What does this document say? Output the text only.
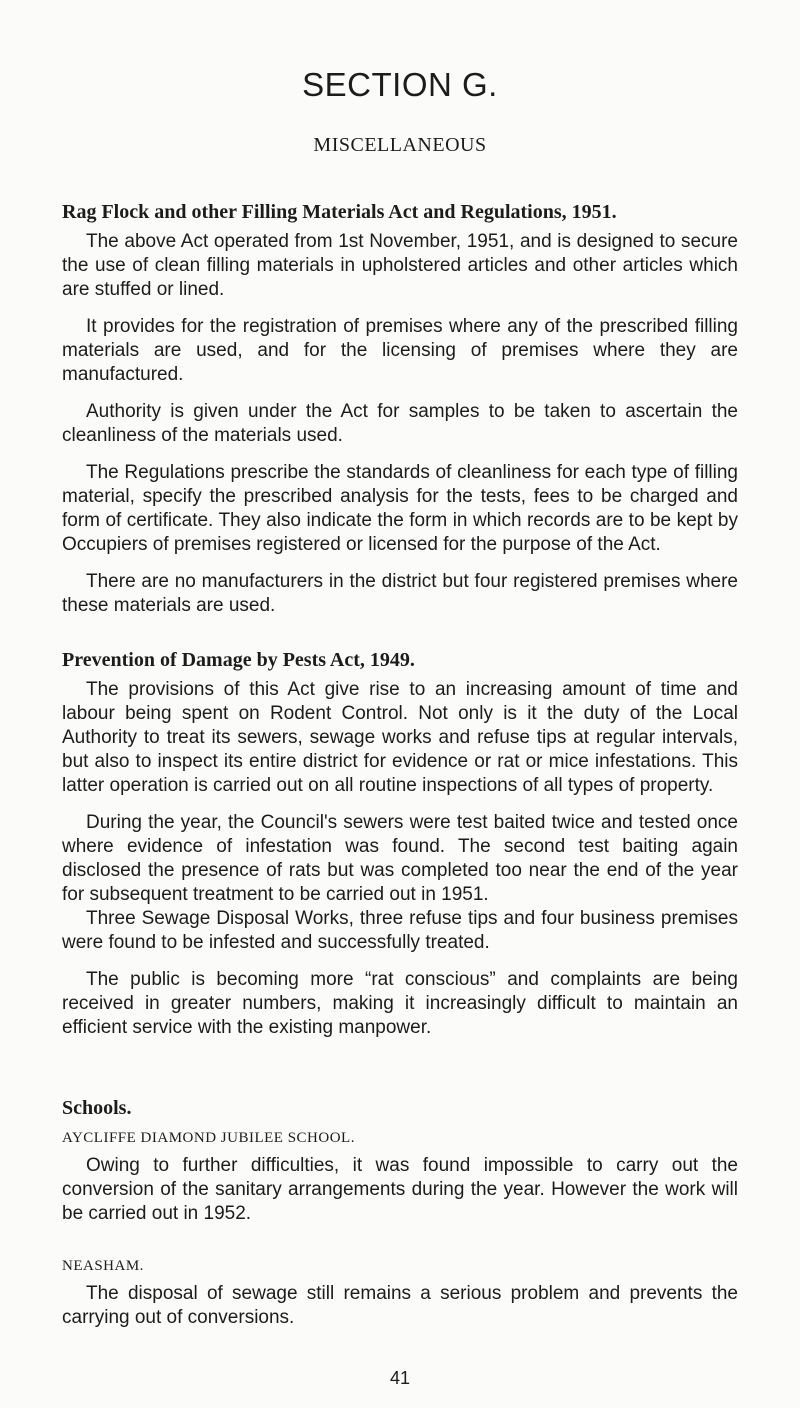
SECTION G.
MISCELLANEOUS
Rag Flock and other Filling Materials Act and Regulations, 1951.

The above Act operated from 1st November, 1951, and is designed to secure the use of clean filling materials in upholstered articles and other articles which are stuffed or lined.

It provides for the registration of premises where any of the prescribed filling materials are used, and for the licensing of premises where they are manufactured.

Authority is given under the Act for samples to be taken to ascertain the cleanliness of the materials used.

The Regulations prescribe the standards of cleanliness for each type of filling material, specify the prescribed analysis for the tests, fees to be charged and form of certificate. They also indicate the form in which records are to be kept by Occupiers of premises registered or licensed for the purpose of the Act.

There are no manufacturers in the district but four registered premises where these materials are used.

Prevention of Damage by Pests Act, 1949.

The provisions of this Act give rise to an increasing amount of time and labour being spent on Rodent Control. Not only is it the duty of the Local Authority to treat its sewers, sewage works and refuse tips at regular intervals, but also to inspect its entire district for evidence or rat or mice infestations. This latter operation is carried out on all routine inspections of all types of property.

During the year, the Council's sewers were test baited twice and tested once where evidence of infestation was found. The second test baiting again disclosed the presence of rats but was completed too near the end of the year for subsequent treatment to be carried out in 1951.

Three Sewage Disposal Works, three refuse tips and four business premises were found to be infested and successfully treated.

The public is becoming more “rat conscious” and complaints are being received in greater numbers, making it increasingly difficult to maintain an efficient service with the existing manpower.

Schools.
AYCLIFFE DIAMOND JUBILEE SCHOOL.

Owing to further difficulties, it was found impossible to carry out the conversion of the sanitary arrangements during the year. However the work will be carried out in 1952.

NEASHAM.

The disposal of sewage still remains a serious problem and prevents the carrying out of conversions.

41
